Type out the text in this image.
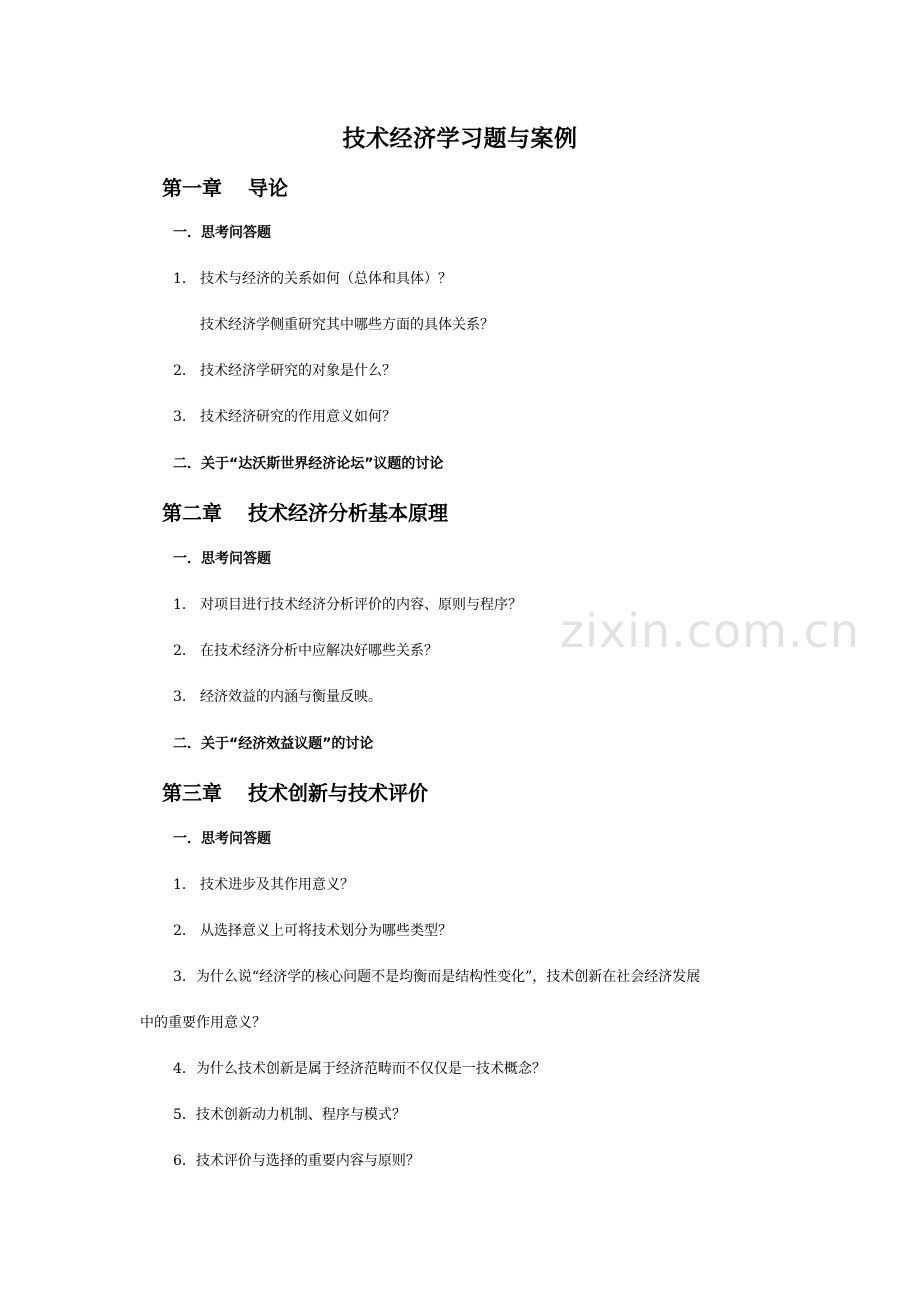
技术经济学习题与案例
第一章 导论
一．思考问答题
1． 技术与经济的关系如何（总体和具体）？
技术经济学侧重研究其中哪些方面的具体关系？
2． 技术经济学研究的对象是什么？
3． 技术经济研究的作用意义如何？
二．关于“达沃斯世界经济论坛”议题的讨论
第二章 技术经济分析基本原理
一．思考问答题
1． 对项目进行技术经济分析评价的内容、原则与程序？
2． 在技术经济分析中应解决好哪些关系？
3． 经济效益的内涵与衡量反映。
二．关于“经济效益议题”的讨论
第三章 技术创新与技术评价
一．思考问答题
1． 技术进步及其作用意义？
2． 从选择意义上可将技术划分为哪些类型？
3．为什么说“经济学的核心问题不是均衡而是结构性变化”，技术创新在社会经济发展
中的重要作用意义？
4．为什么技术创新是属于经济范畴而不仅仅是一技术概念？
5．技术创新动力机制、程序与模式？
6．技术评价与选择的重要内容与原则？
zixin.com.cn
